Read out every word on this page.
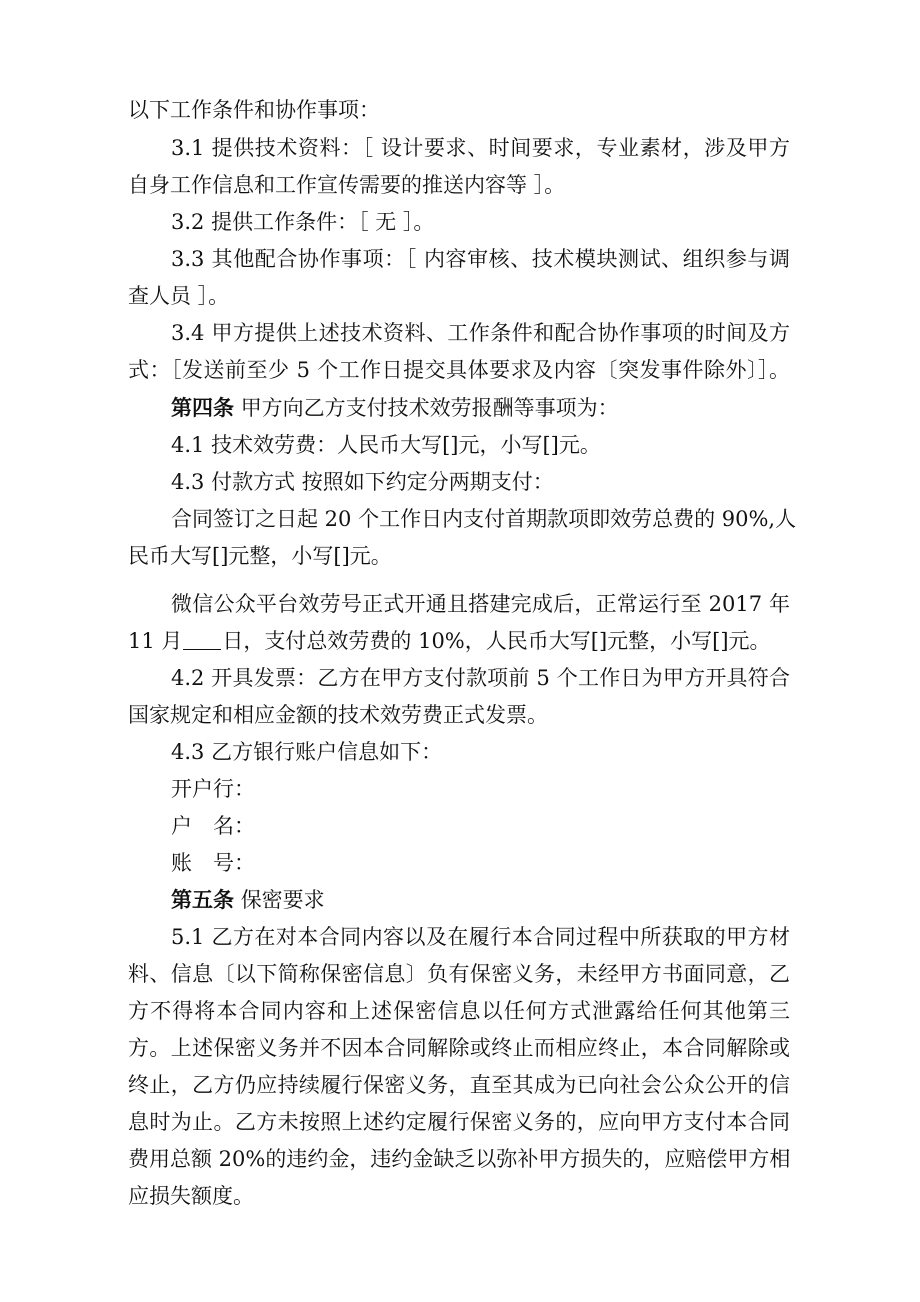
以下工作条件和协作事项：
3.1 提供技术资料：［ 设计要求、时间要求，专业素材，涉及甲方
自身工作信息和工作宣传需要的推送内容等 ］。
3.2 提供工作条件：［ 无 ］。
3.3 其他配合协作事项：［ 内容审核、技术模块测试、组织参与调
查人员 ］。
3.4 甲方提供上述技术资料、工作条件和配合协作事项的时间及方
式：［发送前至少 5 个工作日提交具体要求及内容〔突发事件除外〕］。
第四条 甲方向乙方支付技术效劳报酬等事项为：
4.1 技术效劳费：人民币大写[]元，小写[]元。
4.3 付款方式 按照如下约定分两期支付：
合同签订之日起 20 个工作日内支付首期款项即效劳总费的 90%,人
民币大写[]元整，小写[]元。
微信公众平台效劳号正式开通且搭建完成后，正常运行至 2017 年
11 月 日，支付总效劳费的 10%，人民币大写[]元整，小写[]元。
4.2 开具发票：乙方在甲方支付款项前 5 个工作日为甲方开具符合
国家规定和相应金额的技术效劳费正式发票。
4.3 乙方银行账户信息如下：
开户行：
户　名：
账　号：
第五条 保密要求
5.1 乙方在对本合同内容以及在履行本合同过程中所获取的甲方材
料、信息〔以下简称保密信息〕负有保密义务，未经甲方书面同意，乙
方不得将本合同内容和上述保密信息以任何方式泄露给任何其他第三
方。上述保密义务并不因本合同解除或终止而相应终止，本合同解除或
终止，乙方仍应持续履行保密义务，直至其成为已向社会公众公开的信
息时为止。乙方未按照上述约定履行保密义务的，应向甲方支付本合同
费用总额 20%的违约金，违约金缺乏以弥补甲方损失的，应赔偿甲方相
应损失额度。
